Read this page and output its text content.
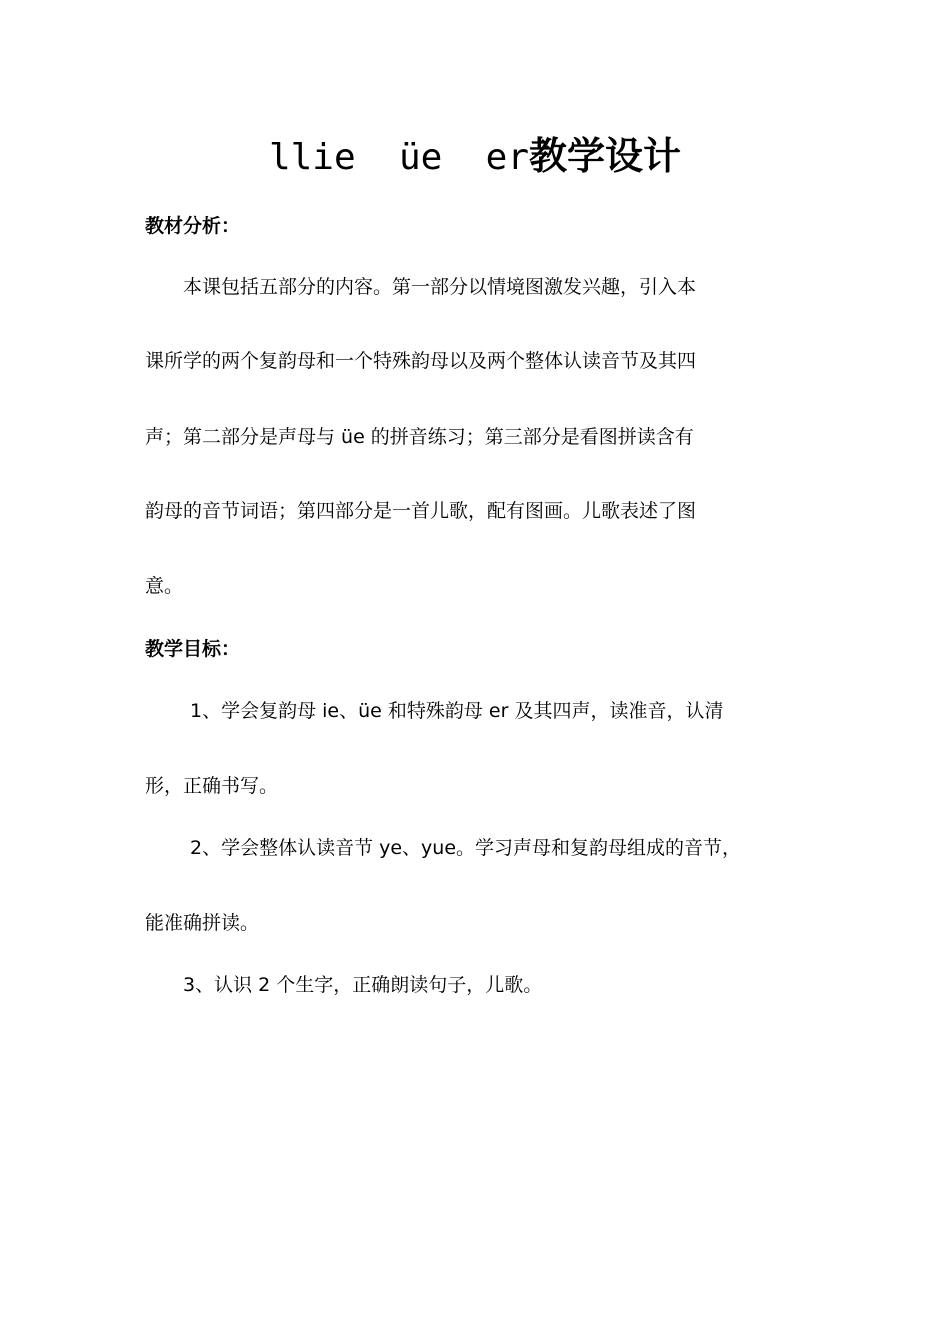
llie  üe  er教学设计
教材分析：
本课包括五部分的内容。第一部分以情境图激发兴趣，引入本
课所学的两个复韵母和一个特殊韵母以及两个整体认读音节及其四
声；第二部分是声母与 üe 的拼音练习；第三部分是看图拼读含有
韵母的音节词语；第四部分是一首儿歌，配有图画。儿歌表述了图
意。
教学目标：
1、学会复韵母 ie、üe 和特殊韵母 er 及其四声，读准音，认清
形，正确书写。
2、学会整体认读音节 ye、yue。学习声母和复韵母组成的音节，
能准确拼读。
3、认识 2 个生字，正确朗读句子，儿歌。
